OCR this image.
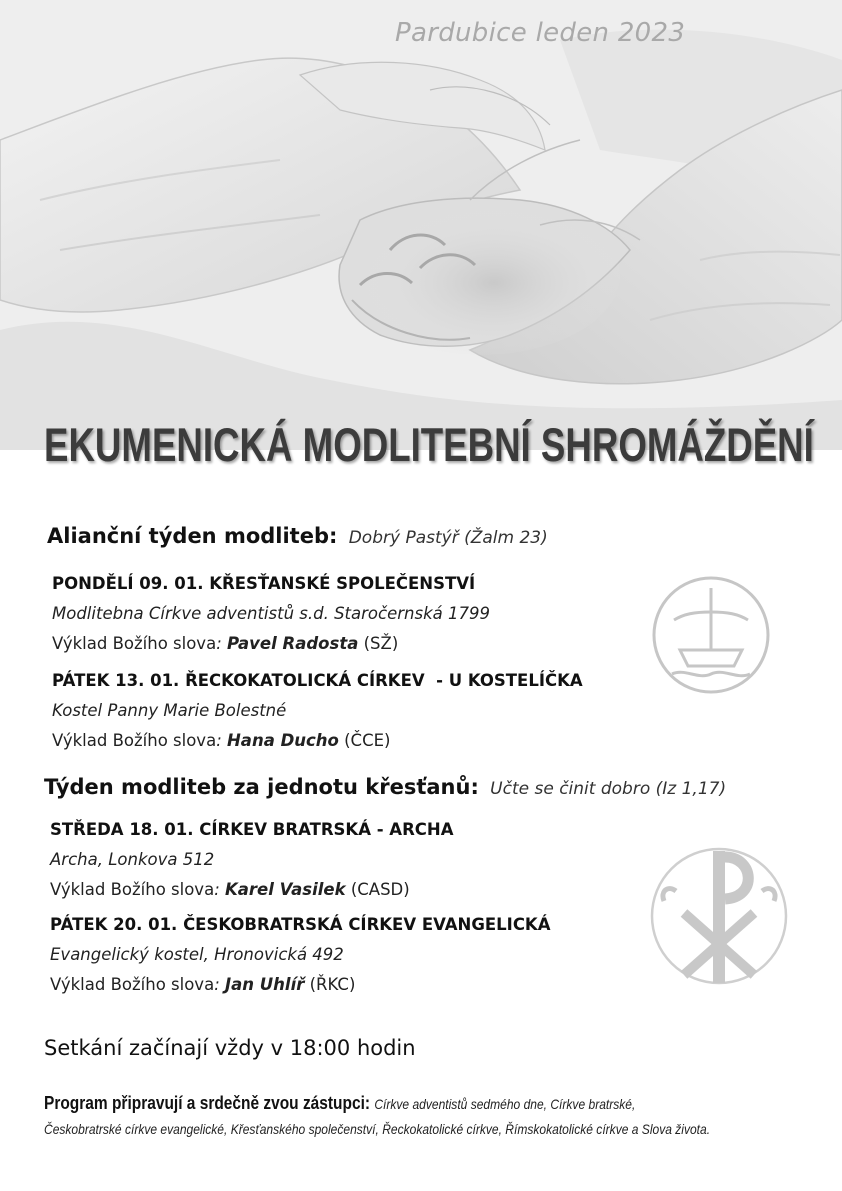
Pardubice leden 2023
EKUMENICKÁ MODLITEBNÍ SHROMÁŽDĚNÍ
Alianční týden modliteb: Dobrý Pastýř (Žalm 23)
PONDĚLÍ 09. 01. KŘESŤANSKÉ SPOLEČENSTVÍ
Modlitebna Církve adventistů s.d. Staročernská 1799
Výklad Božího slova: Pavel Radosta (SŽ)
PÁTEK 13. 01. ŘECKOKATOLICKÁ CÍRKEV  - U KOSTELÍČKA
Kostel Panny Marie Bolestné
Výklad Božího slova: Hana Ducho (ČCE)
Týden modliteb za jednotu křesťanů: Učte se činit dobro (Iz 1,17)
STŘEDA 18. 01. CÍRKEV BRATRSKÁ - ARCHA
Archa, Lonkova 512
Výklad Božího slova: Karel Vasilek (CASD)
PÁTEK 20. 01. ČESKOBRATRSKÁ CÍRKEV EVANGELICKÁ
Evangelický kostel, Hronovická 492
Výklad Božího slova: Jan Uhlíř (ŘKC)
Setkání začínají vždy v 18:00 hodin
Program připravují a srdečně zvou zástupci: Církve adventistů sedmého dne, Církve bratrské,
Českobratrské církve evangelické, Křesťanského společenství, Řeckokatolické církve, Římskokatolické církve a Slova života.
